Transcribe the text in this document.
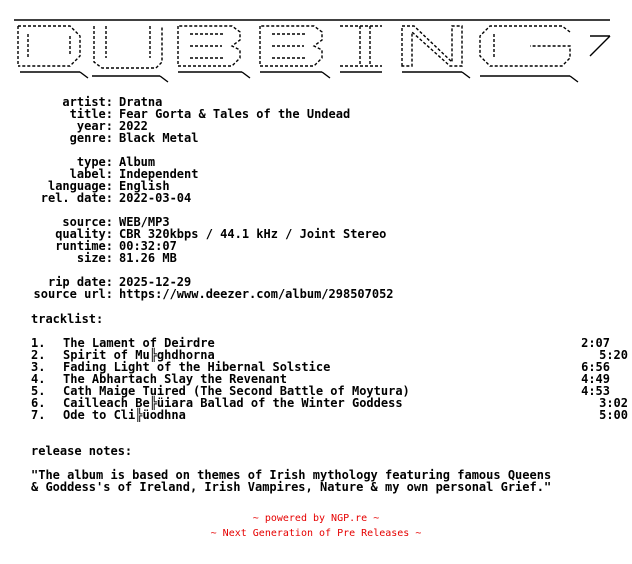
artist: Dratna
title: Fear Gorta & Tales of the Undead
year: 2022
genre: Black Metal
type: Album
label: Independent
language: English
rel. date: 2022-03-04
source: WEB/MP3
quality: CBR 320kbps / 44.1 kHz / Joint Stereo
runtime: 00:32:07
size: 81.26 MB
rip date: 2025-12-29
source url: https://www.deezer.com/album/298507052
tracklist:
1. The Lament of Deirdre	2:07
2. Spirit of Mu╠ghdhorna	5:20
3. Fading Light of the Hibernal Solstice	6:56
4. The Abhartach Slay the Revenant	4:49
5. Cath Maige Tuired (The Second Battle of Moytura)	4:53
6. Cailleach Be╠üiara Ballad of the Winter Goddess	3:02
7. Ode to Cli╠üodhna	5:00
release notes:
"The album is based on themes of Irish mythology featuring famous Queens
& Goddess's of Ireland, Irish Vampires, Nature & my own personal Grief."
~ powered by NGP.re ~
~ Next Generation of Pre Releases ~
